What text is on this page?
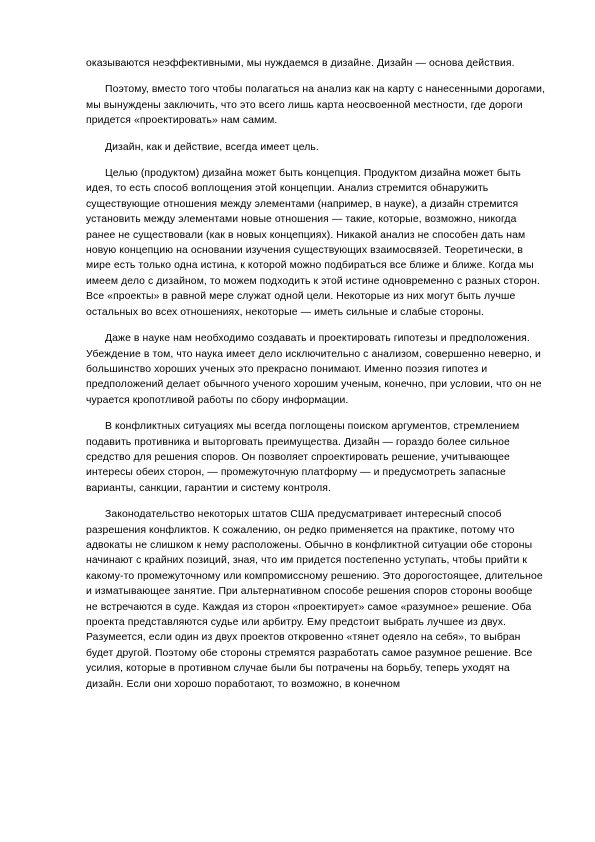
оказываются неэффективными, мы нуждаемся в дизайне. Дизайн — основа действия.

Поэтому, вместо того чтобы полагаться на анализ как на карту с нанесенными дорогами, мы вынуждены заключить, что это всего лишь карта неосвоенной местности, где дороги придется «проектировать» нам самим.

Дизайн, как и действие, всегда имеет цель.

Целью (продуктом) дизайна может быть концепция. Продуктом дизайна может быть идея, то есть способ воплощения этой концепции. Анализ стремится обнаружить существующие отношения между элементами (например, в науке), а дизайн стремится установить между элементами новые отношения — такие, которые, возможно, никогда ранее не существовали (как в новых концепциях). Никакой анализ не способен дать нам новую концепцию на основании изучения существующих взаимосвязей. Теоретически, в мире есть только одна истина, к которой можно подбираться все ближе и ближе. Когда мы имеем дело с дизайном, то можем подходить к этой истине одновременно с разных сторон. Все «проекты» в равной мере служат одной цели. Некоторые из них могут быть лучше остальных во всех отношениях, некоторые — иметь сильные и слабые стороны.

Даже в науке нам необходимо создавать и проектировать гипотезы и предположения. Убеждение в том, что наука имеет дело исключительно с анализом, совершенно неверно, и большинство хороших ученых это прекрасно понимают. Именно поэзия гипотез и предположений делает обычного ученого хорошим ученым, конечно, при условии, что он не чурается кропотливой работы по сбору информации.

В конфликтных ситуациях мы всегда поглощены поиском аргументов, стремлением подавить противника и выторговать преимущества. Дизайн — гораздо более сильное средство для решения споров. Он позволяет спроектировать решение, учитывающее интересы обеих сторон, — промежуточную платформу — и предусмотреть запасные варианты, санкции, гарантии и систему контроля.

Законодательство некоторых штатов США предусматривает интересный способ разрешения конфликтов. К сожалению, он редко применяется на практике, потому что адвокаты не слишком к нему расположены. Обычно в конфликтной ситуации обе стороны начинают с крайних позиций, зная, что им придется постепенно уступать, чтобы прийти к какому-то промежуточному или компромиссному решению. Это дорогостоящее, длительное и изматывающее занятие. При альтернативном способе решения споров стороны вообще не встречаются в суде. Каждая из сторон «проектирует» самое «разумное» решение. Оба проекта представляются судье или арбитру. Ему предстоит выбрать лучшее из двух. Разумеется, если один из двух проектов откровенно «тянет одеяло на себя», то выбран будет другой. Поэтому обе стороны стремятся разработать самое разумное решение. Все усилия, которые в противном случае были бы потрачены на борьбу, теперь уходят на дизайн. Если они хорошо поработают, то возможно, в конечном
